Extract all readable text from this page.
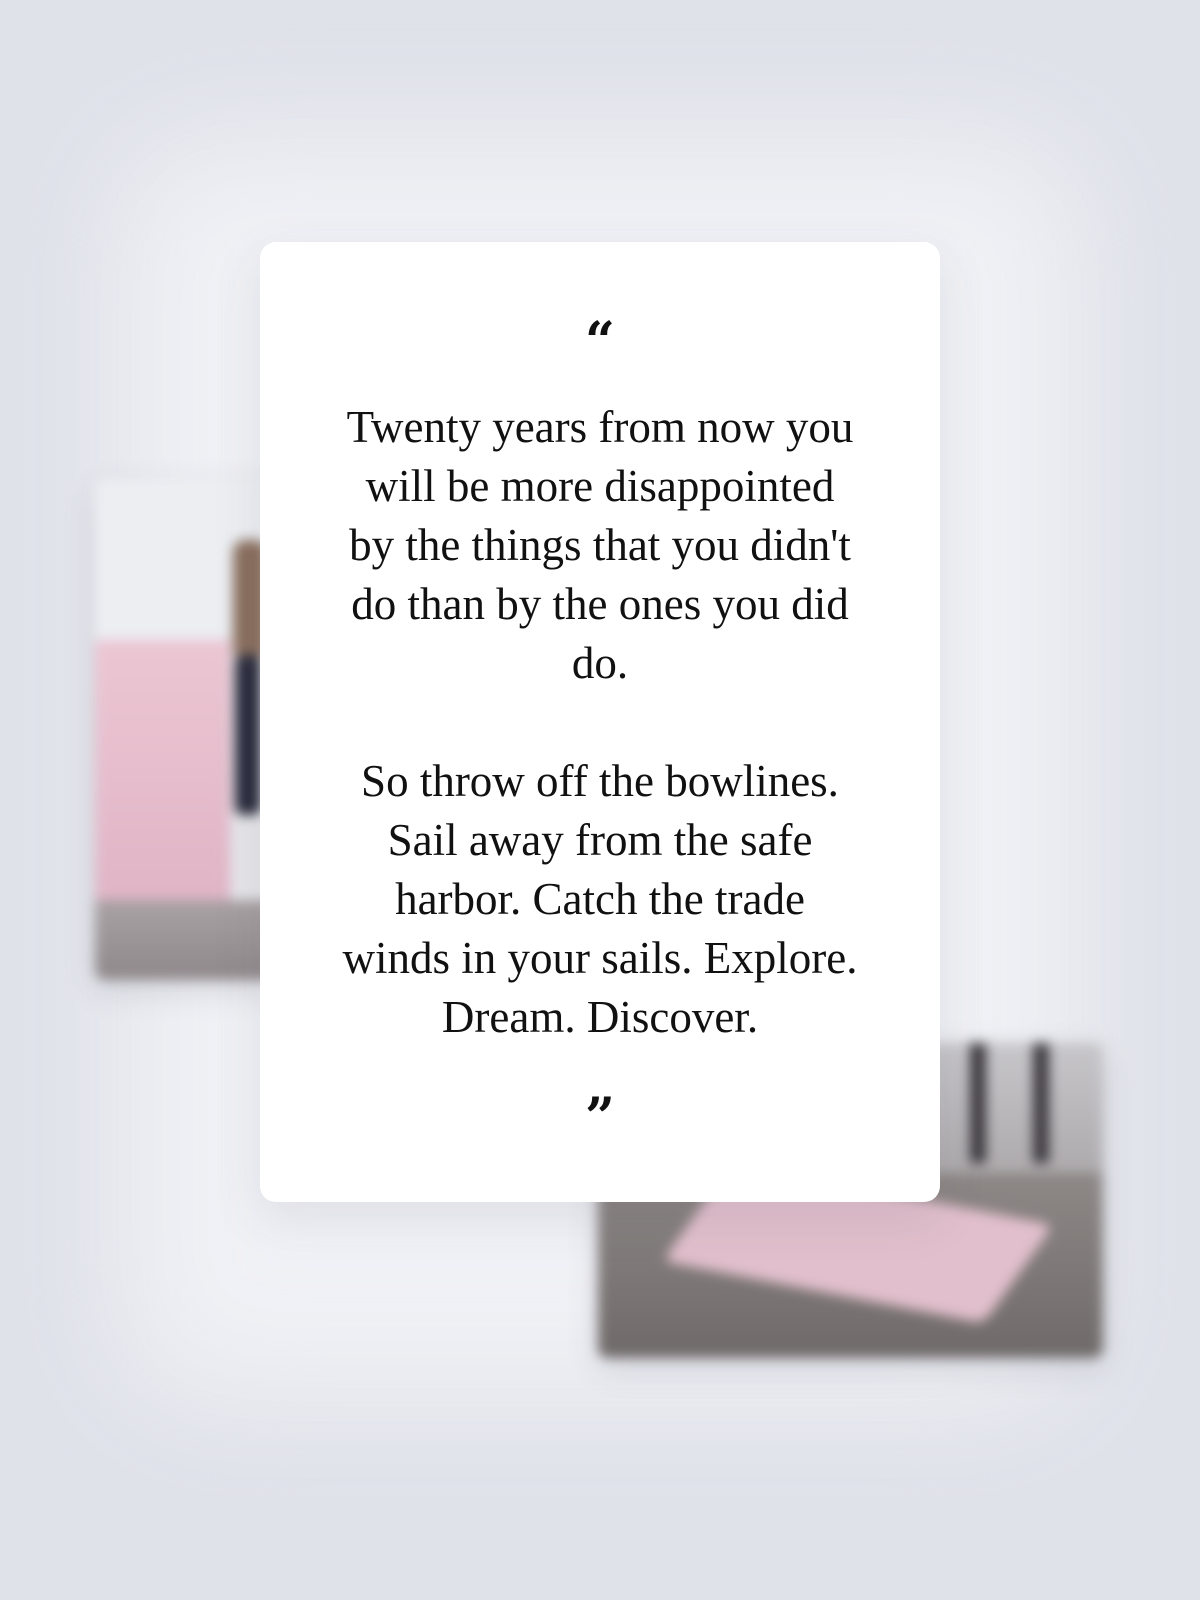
“

Twenty years from now you will be more disappointed by the things that you didn't do than by the ones you did do.

So throw off the bowlines. Sail away from the safe harbor. Catch the trade winds in your sails. Explore. Dream. Discover.

”
